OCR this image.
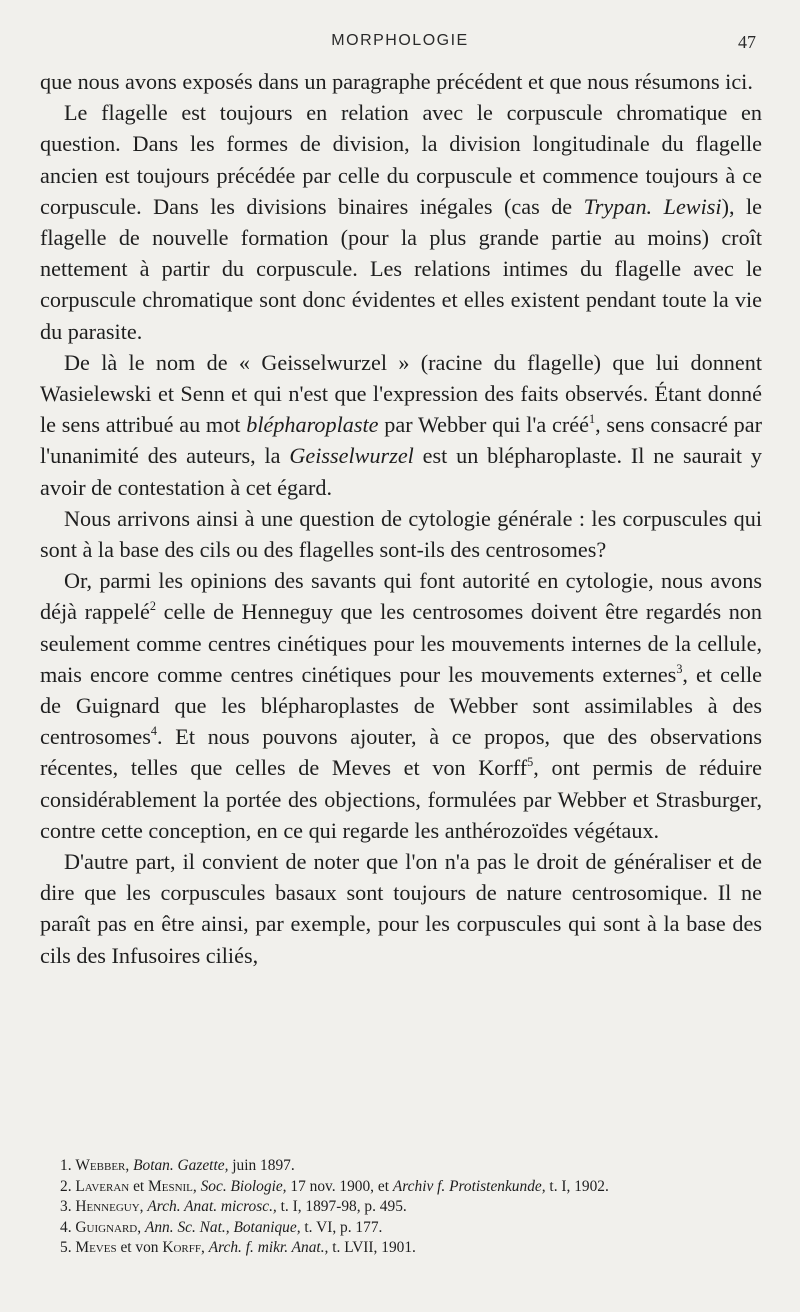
MORPHOLOGIE	47

que nous avons exposés dans un paragraphe précédent et que nous résumons ici.

Le flagelle est toujours en relation avec le corpuscule chromatique en question. Dans les formes de division, la division longitudinale du flagelle ancien est toujours précédée par celle du corpuscule et commence toujours à ce corpuscule. Dans les divisions binaires inégales (cas de Trypan. Lewisi), le flagelle de nouvelle formation (pour la plus grande partie au moins) croît nettement à partir du corpuscule. Les relations intimes du flagelle avec le corpuscule chromatique sont donc évidentes et elles existent pendant toute la vie du parasite.

De là le nom de « Geisselwurzel » (racine du flagelle) que lui donnent Wasielewski et Senn et qui n'est que l'expression des faits observés. Étant donné le sens attribué au mot blépharoplaste par Webber qui l'a créé$^1$, sens consacré par l'unanimité des auteurs, la Geisselwurzel est un blépharoplaste. Il ne saurait y avoir de contestation à cet égard.

Nous arrivons ainsi à une question de cytologie générale : les corpuscules qui sont à la base des cils ou des flagelles sont-ils des centrosomes?

Or, parmi les opinions des savants qui font autorité en cytologie, nous avons déjà rappelé$^2$ celle de Henneguy que les centrosomes doivent être regardés non seulement comme centres cinétiques pour les mouvements internes de la cellule, mais encore comme centres cinétiques pour les mouvements externes$^3$, et celle de Guignard que les blépharoplastes de Webber sont assimilables à des centrosomes$^4$. Et nous pouvons ajouter, à ce propos, que des observations récentes, telles que celles de Meves et von Korff$^5$, ont permis de réduire considérablement la portée des objections, formulées par Webber et Strasburger, contre cette conception, en ce qui regarde les anthérozoïdes végétaux.

D'autre part, il convient de noter que l'on n'a pas le droit de généraliser et de dire que les corpuscules basaux sont toujours de nature centrosomique. Il ne paraît pas en être ainsi, par exemple, pour les corpuscules qui sont à la base des cils des Infusoires ciliés,

1. Webber, Botan. Gazette, juin 1897.
2. Laveran et Mesnil, Soc. Biologie, 17 nov. 1900, et Archiv f. Protistenkunde, t. I, 1902.
3. Henneguy, Arch. Anat. microsc., t. I, 1897-98, p. 495.
4. Guignard, Ann. Sc. Nat., Botanique, t. VI, p. 177.
5. Meves et von Korff, Arch. f. mikr. Anat., t. LVII, 1901.
